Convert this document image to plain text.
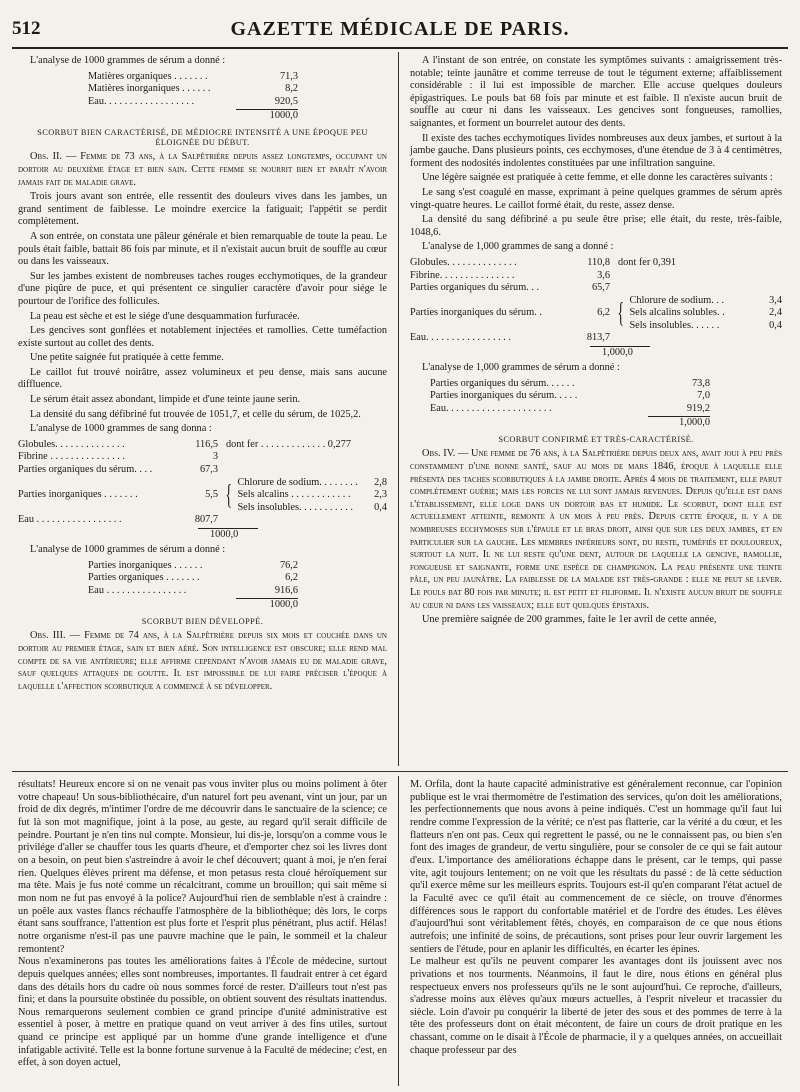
512	GAZETTE MÉDICALE DE PARIS.

L'analyse de 1000 grammes de sérum a donné :

Matières organiques . . . . . . .	71,3
Matières inorganiques . . . . . .	8,2
Eau. . . . . . . . . . . . . . . . . .	920,5
1000,0
SCORBUT BIEN CARACTÉRISÉ, DE MÉDIOCRE INTENSITÉ A UNE ÉPOQUE PEU ÉLOIGNÉE DU DÉBUT.

Obs. II. — Femme de 73 ans, à la Salpêtrière depuis assez longtemps, occupant un dortoir au deuxième étage et bien sain. Cette femme se nourrit bien et paraît n'avoir jamais fait de maladie grave.

Trois jours avant son entrée, elle ressentit des douleurs vives dans les jambes, un grand sentiment de faiblesse. Le moindre exercice la fatiguait; l'appétit se perdit complètement.

A son entrée, on constata une pâleur générale et bien remarquable de toute la peau. Le pouls était faible, battait 86 fois par minute, et il n'existait aucun bruit de souffle au cœur ou dans les vaisseaux.

Sur les jambes existent de nombreuses taches rouges ecchymotiques, de la grandeur d'une piqûre de puce, et qui présentent ce singulier caractère d'avoir pour siége le pourtour de l'orifice des follicules.

La peau est sèche et est le siége d'une desquammation furfuracée.

Les gencives sont gonflées et notablement injectées et ramollies. Cette tuméfaction existe surtout au collet des dents.

Une petite saignée fut pratiquée à cette femme.

Le caillot fut trouvé noirâtre, assez volumineux et peu dense, mais sans aucune diffluence.

Le sérum était assez abondant, limpide et d'une teinte jaune serin.

La densité du sang défibriné fut trouvée de 1051,7, et celle du sérum, de 1025,2.

L'analyse de 1000 grammes de sang donna :

Globules. . . . . . . . . . . . . .	116,5 dont fer . . . . . . . . . . . . . 0,277
Fibrine . . . . . . . . . . . . . . .	3
Parties organiques du sérum. . . .	67,3
Parties inorganiques . . . . . . .	5,5 { Chlorure de sodium. . . . . . . .	2,8
Sels alcalins . . . . . . . . . . . .	2,3
Sels insolubles. . . . . . . . . . .	0,4
Eau . . . . . . . . . . . . . . . . .	807,7
1000,0

L'analyse de 1000 grammes de sérum a donné :

Parties inorganiques . . . . . .	76,2
Parties organiques . . . . . . .	6,2
Eau . . . . . . . . . . . . . . . .	916,6
1000,0
SCORBUT BIEN DÉVELOPPÉ.

Obs. III. — Femme de 74 ans, à la Salpêtrière depuis six mois et couchée dans un dortoir au premier étage, sain et bien aéré. Son intelligence est obscure; elle rend mal compte de sa vie antérieure; elle affirme cependant n'avoir jamais eu de maladie grave, sauf quelques attaques de goutte. Il est impossible de lui faire préciser l'époque à laquelle l'affection scorbutique a commencé à se développer.

A l'instant de son entrée, on constate les symptômes suivants : amaigrissement très-notable; teinte jaunâtre et comme terreuse de tout le tégument externe; affaiblissement considérable : il lui est impossible de marcher. Elle accuse quelques douleurs épigastriques. Le pouls bat 68 fois par minute et est faible. Il n'existe aucun bruit de souffle au cœur ni dans les vaisseaux. Les gencives sont fongueuses, ramollies, saignantes, et forment un bourrelet autour des dents.

Il existe des taches ecchymotiques livides nombreuses aux deux jambes, et surtout à la jambe gauche. Dans plusieurs points, ces ecchymoses, d'une étendue de 3 à 4 centimètres, forment des nodosités indolentes constituées par une infiltration sanguine.

Une légère saignée est pratiquée à cette femme, et elle donne les caractères suivants :

Le sang s'est coagulé en masse, exprimant à peine quelques grammes de sérum après vingt-quatre heures. Le caillot formé était, du reste, assez dense.

La densité du sang défibriné a pu seule être prise; elle était, du reste, très-faible, 1048,6.

L'analyse de 1,000 grammes de sang a donné :

Globules. . . . . . . . . . . . . .	110,8 dont fer 0,391
Fibrine. . . . . . . . . . . . . . .	3,6
Parties organiques du sérum. . .	65,7
Parties inorganiques du sérum. .	6,2 { Chlorure de sodium. . .	3,4
Sels alcalins solubles. .	2,4
Sels insolubles. . . . . .	0,4
Eau. . . . . . . . . . . . . . . . .	813,7
1,000,0

L'analyse de 1,000 grammes de sérum a donné :

Parties organiques du sérum. . . . . .	73,8
Parties inorganiques du sérum. . . . .	7,0
Eau. . . . . . . . . . . . . . . . . . . . .	919,2
1,000,0
SCORBUT CONFIRMÉ ET TRÈS-CARACTÉRISÉ.

Obs. IV. — Une femme de 76 ans, à la Salpêtrière depuis deux ans, avait joui à peu près constamment d'une bonne santé, sauf au mois de mars 1846, époque à laquelle elle présenta des taches scorbutiques à la jambe droite. Après 4 mois de traitement, elle parut complétement guérie; mais les forces ne lui sont jamais revenues. Depuis qu'elle est dans l'établissement, elle loge dans un dortoir bas et humide. Le scorbut, dont elle est actuellement atteinte, remonte à un mois à peu près. Depuis cette époque, il y a de nombreuses ecchymoses sur l'épaule et le bras droit, ainsi que sur les deux jambes, et en particulier sur la gauche. Les membres inférieurs sont, du reste, tuméfiés et douloureux, surtout la nuit. Il ne lui reste qu'une dent, autour de laquelle la gencive, ramollie, fongueuse et saignante, forme une espèce de champignon. La peau présente une teinte pâle, un peu jaunâtre. La faiblesse de la malade est très-grande : elle ne peut se lever. Le pouls bat 80 fois par minute; il est petit et filiforme. Il n'existe aucun bruit de souffle au cœur ni dans les vaisseaux; elle eut quelques épistaxis.

Une première saignée de 200 grammes, faite le 1er avril de cette année,

résultats! Heureux encore si on ne venait pas vous inviter plus ou moins poliment à ôter votre chapeau! Un sous-bibliothécaire, d'un naturel fort peu avenant, vint un jour, par un froid de dix degrés, m'intimer l'ordre de me découvrir dans le sanctuaire de la science; ce fut là son mot magnifique, joint à la pose, au geste, au regard qu'il serait difficile de peindre. Pourtant je n'en tins nul compte. Monsieur, lui dis-je, lorsqu'on a comme vous le privilége d'aller se chauffer tous les quarts d'heure, et d'emporter chez soi les livres dont on a besoin, on peut bien s'astreindre à avoir le chef découvert; quant à moi, je n'en ferai rien. Quelques élèves prirent ma défense, et mon petasus resta cloué héroïquement sur ma tête. Mais je fus noté comme un récalcitrant, comme un brouillon; qui sait même si mon nom ne fut pas envoyé à la police? Aujourd'hui rien de semblable n'est à craindre : un poêle aux vastes flancs réchauffe l'atmosphère de la bibliothèque; dès lors, le corps étant sans souffrance, l'attention est plus forte et l'esprit plus pénétrant, plus actif. Hélas! notre organisme n'est-il pas une pauvre machine que le pain, le sommeil et la chaleur remontent?
Nous n'examinerons pas toutes les améliorations faites à l'École de médecine, surtout depuis quelques années; elles sont nombreuses, importantes. Il faudrait entrer à cet égard dans des détails hors du cadre où nous sommes forcé de rester. D'ailleurs tout n'est pas fini; et dans la poursuite obstinée du possible, on obtient souvent des résultats inattendus. Nous remarquerons seulement combien ce grand principe d'unité administrative est essentiel à poser, à mettre en pratique quand on veut arriver à des fins utiles, surtout quand ce principe est appliqué par un homme d'une grande intelligence et d'une infatigable activité. Telle est la bonne fortune survenue à la Faculté de médecine; c'est, en effet, à son doyen actuel,

M. Orfila, dont la haute capacité administrative est généralement reconnue, car l'opinion publique est le vrai thermomètre de l'estimation des services, qu'on doit les améliorations, les perfectionnements que nous avons à peine indiqués. C'est un hommage qu'il faut lui rendre comme l'expression de la vérité; ce n'est pas flatterie, car la vérité a du cœur, et les flatteurs n'en ont pas. Ceux qui regrettent le passé, ou ne le connaissent pas, ou bien s'en font des images de grandeur, de vertu singulière, pour se consoler de ce qui se fait autour d'eux. L'importance des améliorations échappe dans le présent, car le temps, qui passe vite, agit toujours lentement; on ne voit que les résultats du passé : de là cette séduction qu'il exerce même sur les meilleurs esprits. Toujours est-il qu'en comparant l'état actuel de la Faculté avec ce qu'il était au commencement de ce siècle, on trouve d'énormes différences sous le rapport du confortable matériel et de l'ordre des études. Les élèves d'aujourd'hui sont véritablement fêtés, choyés, en comparaison de ce que nous étions autrefois; une infinité de soins, de précautions, sont prises pour leur ouvrir largement les sentiers de l'étude, pour en aplanir les difficultés, en écarter les épines.
Le malheur est qu'ils ne peuvent comparer les avantages dont ils jouissent avec nos privations et nos tourments. Néanmoins, il faut le dire, nous étions en général plus respectueux envers nos professeurs qu'ils ne le sont aujourd'hui. Ce reproche, d'ailleurs, s'adresse moins aux élèves qu'aux mœurs actuelles, à l'esprit niveleur et tracassier du siècle. Loin d'avoir pu conquérir la liberté de jeter des sous et des pommes de terre à la tête des professeurs dont on était mécontent, de faire un cours de droit pratique en les chassant, comme on le disait à l'École de pharmacie, il y a quelques années, on accueillait chaque professeur par des
